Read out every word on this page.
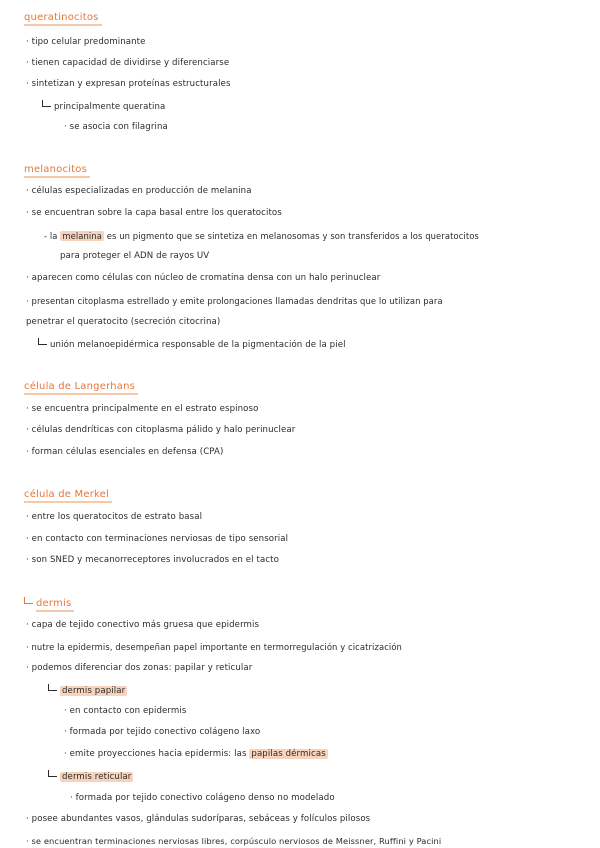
queratinocitos
· tipo celular predominante
· tienen capacidad de dividirse y diferenciarse
· sintetizan y expresan proteínas estructurales
principalmente queratina
· se asocia con filagrina
melanocitos
· células especializadas en producción de melanina
· se encuentran sobre la capa basal entre los queratocitos
- la melanina es un pigmento que se sintetiza en melanosomas y son transferidos a los queratocitos
para proteger el ADN de rayos UV
· aparecen como células con núcleo de cromatina densa con un halo perinuclear
· presentan citoplasma estrellado y emite prolongaciones llamadas dendritas que lo utilizan para
penetrar el queratocito (secreción citocrina)
unión melanoepidérmica responsable de la pigmentación de la piel
célula de Langerhans
· se encuentra principalmente en el estrato espinoso
· células dendríticas con citoplasma pálido y halo perinuclear
· forman células esenciales en defensa (CPA)
célula de Merkel
· entre los queratocitos de estrato basal
· en contacto con terminaciones nerviosas de tipo sensorial
· son SNED y mecanorreceptores involucrados en el tacto
dermis
· capa de tejido conectivo más gruesa que epidermis
· nutre la epidermis, desempeñan papel importante en termorregulación y cicatrización
· podemos diferenciar dos zonas: papilar y reticular
dermis papilar
· en contacto con epidermis
· formada por tejido conectivo colágeno laxo
· emite proyecciones hacia epidermis: las papilas dérmicas
dermis reticular
· formada por tejido conectivo colágeno denso no modelado
· posee abundantes vasos, glándulas sudoríparas, sebáceas y folículos pilosos
· se encuentran terminaciones nerviosas libres, corpúsculo nerviosos de Meissner, Ruffini y Pacini
